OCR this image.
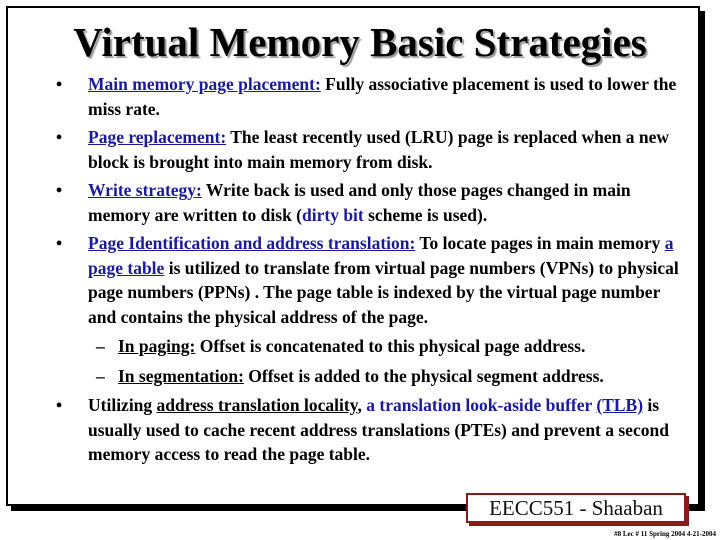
Virtual Memory Basic Strategies
• Main memory page placement: Fully associative placement is used to lower the miss rate.
• Page replacement: The least recently used (LRU) page is replaced when a new block is brought into main memory from disk.
• Write strategy: Write back is used and only those pages changed in main memory are written to disk (dirty bit scheme is used).
• Page Identification and address translation: To locate pages in main memory a page table is utilized to translate from virtual page numbers (VPNs) to physical page numbers (PPNs) . The page table is indexed by the virtual page number and contains the physical address of the page.
– In paging: Offset is concatenated to this physical page address.
– In segmentation: Offset is added to the physical segment address.
• Utilizing address translation locality, a translation look-aside buffer (TLB) is usually used to cache recent address translations (PTEs) and prevent a second memory access to read the page table.
EECC551 - Shaaban
#8 Lec # 11 Spring 2004 4-21-2004
